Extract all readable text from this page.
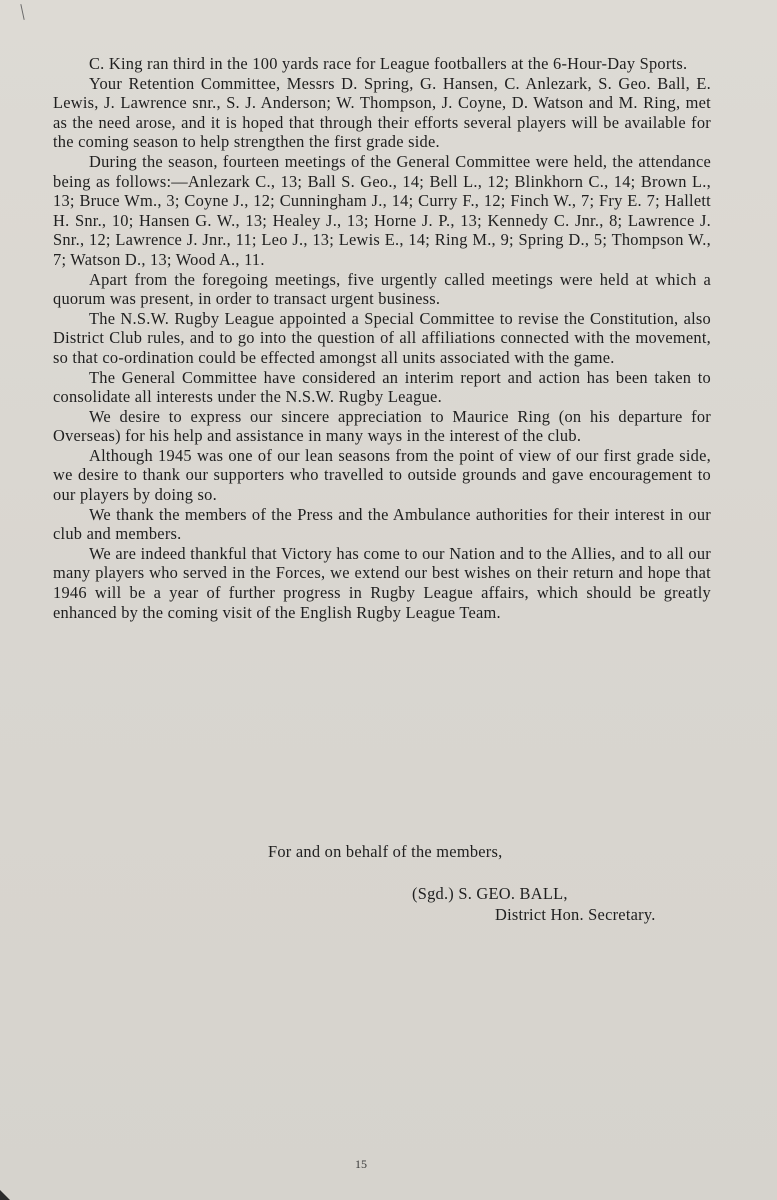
C. King ran third in the 100 yards race for League footballers at the 6-Hour-Day Sports.

Your Retention Committee, Messrs D. Spring, G. Hansen, C. Anlezark, S. Geo. Ball, E. Lewis, J. Lawrence snr., S. J. Anderson; W. Thompson, J. Coyne, D. Watson and M. Ring, met as the need arose, and it is hoped that through their efforts several players will be available for the coming season to help strengthen the first grade side.

During the season, fourteen meetings of the General Committee were held, the attendance being as follows:—Anlezark C., 13; Ball S. Geo., 14; Bell L., 12; Blinkhorn C., 14; Brown L., 13; Bruce Wm., 3; Coyne J., 12; Cunningham J., 14; Curry F., 12; Finch W., 7; Fry E. 7; Hallett H. Snr., 10; Hansen G. W., 13; Healey J., 13; Horne J. P., 13; Kennedy C. Jnr., 8; Lawrence J. Snr., 12; Lawrence J. Jnr., 11; Leo J., 13; Lewis E., 14; Ring M., 9; Spring D., 5; Thompson W., 7; Watson D., 13; Wood A., 11.

Apart from the foregoing meetings, five urgently called meetings were held at which a quorum was present, in order to transact urgent business.

The N.S.W. Rugby League appointed a Special Committee to revise the Constitution, also District Club rules, and to go into the question of all affiliations connected with the movement, so that co-ordination could be effected amongst all units associated with the game.

The General Committee have considered an interim report and action has been taken to consolidate all interests under the N.S.W. Rugby League.

We desire to express our sincere appreciation to Maurice Ring (on his departure for Overseas) for his help and assistance in many ways in the interest of the club.

Although 1945 was one of our lean seasons from the point of view of our first grade side, we desire to thank our supporters who travelled to outside grounds and gave encouragement to our players by doing so.

We thank the members of the Press and the Ambulance authorities for their interest in our club and members.

We are indeed thankful that Victory has come to our Nation and to the Allies, and to all our many players who served in the Forces, we extend our best wishes on their return and hope that 1946 will be a year of further progress in Rugby League affairs, which should be greatly enhanced by the coming visit of the English Rugby League Team.

For and on behalf of the members,
(Sgd.) S. GEO. BALL,
District Hon. Secretary.
15
